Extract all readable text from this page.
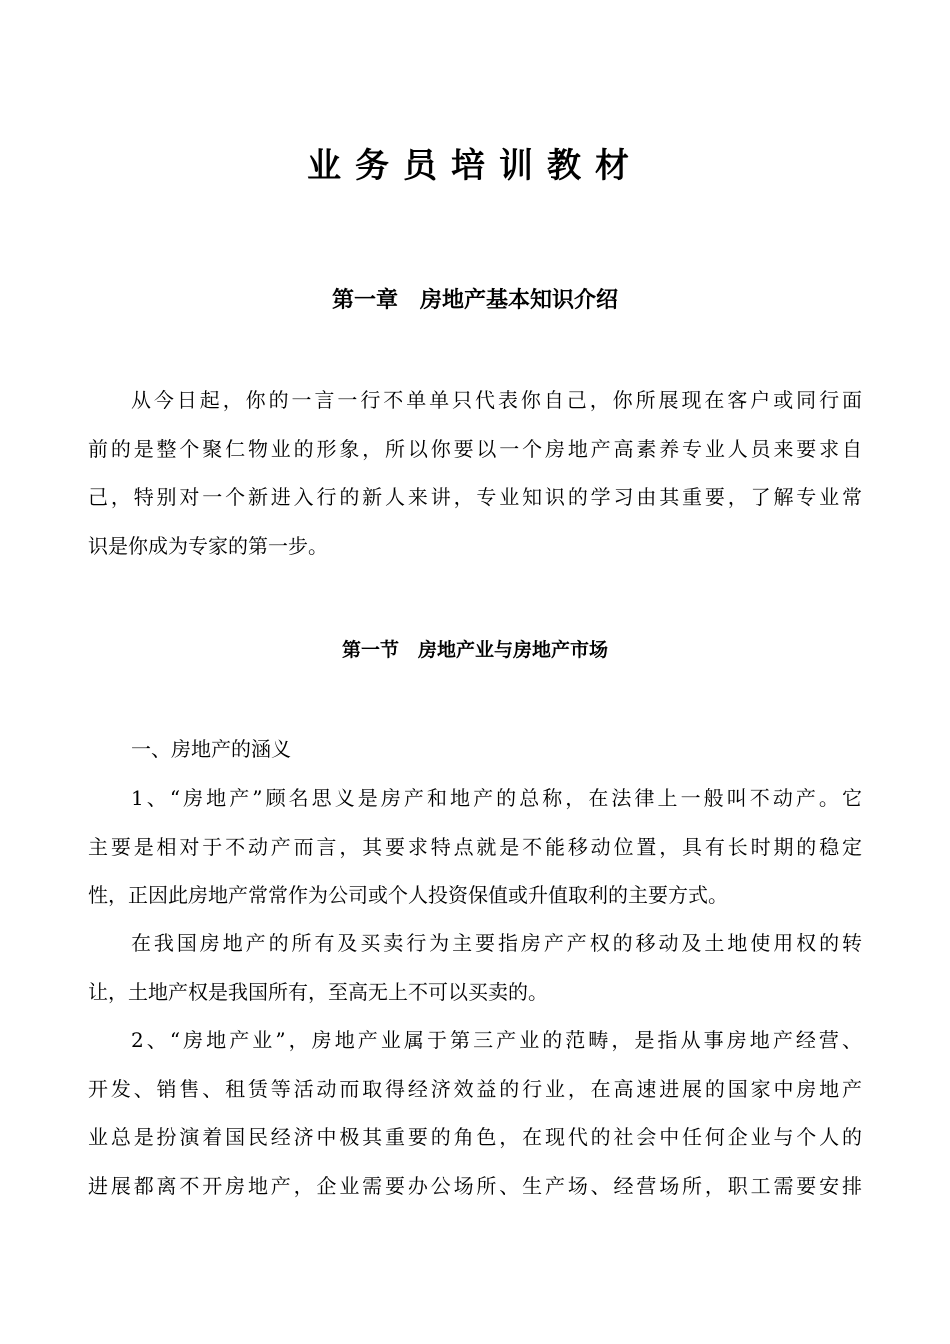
业务员培训教材
第一章　房地产基本知识介绍
从今日起，你的一言一行不单单只代表你自己，你所展现在客户或同行面
前的是整个聚仁物业的形象，所以你要以一个房地产高素养专业人员来要求自
己，特别对一个新进入行的新人来讲，专业知识的学习由其重要，了解专业常
识是你成为专家的第一步。
第一节　房地产业与房地产市场
一、房地产的涵义
1、“房地产”顾名思义是房产和地产的总称，在法律上一般叫不动产。它
主要是相对于不动产而言，其要求特点就是不能移动位置，具有长时期的稳定
性，正因此房地产常常作为公司或个人投资保值或升值取利的主要方式。
在我国房地产的所有及买卖行为主要指房产产权的移动及土地使用权的转
让，土地产权是我国所有，至高无上不可以买卖的。
2、“房地产业”，房地产业属于第三产业的范畴，是指从事房地产经营、
开发、销售、租赁等活动而取得经济效益的行业，在高速进展的国家中房地产
业总是扮演着国民经济中极其重要的角色，在现代的社会中任何企业与个人的
进展都离不开房地产，企业需要办公场所、生产场、经营场所，职工需要安排
